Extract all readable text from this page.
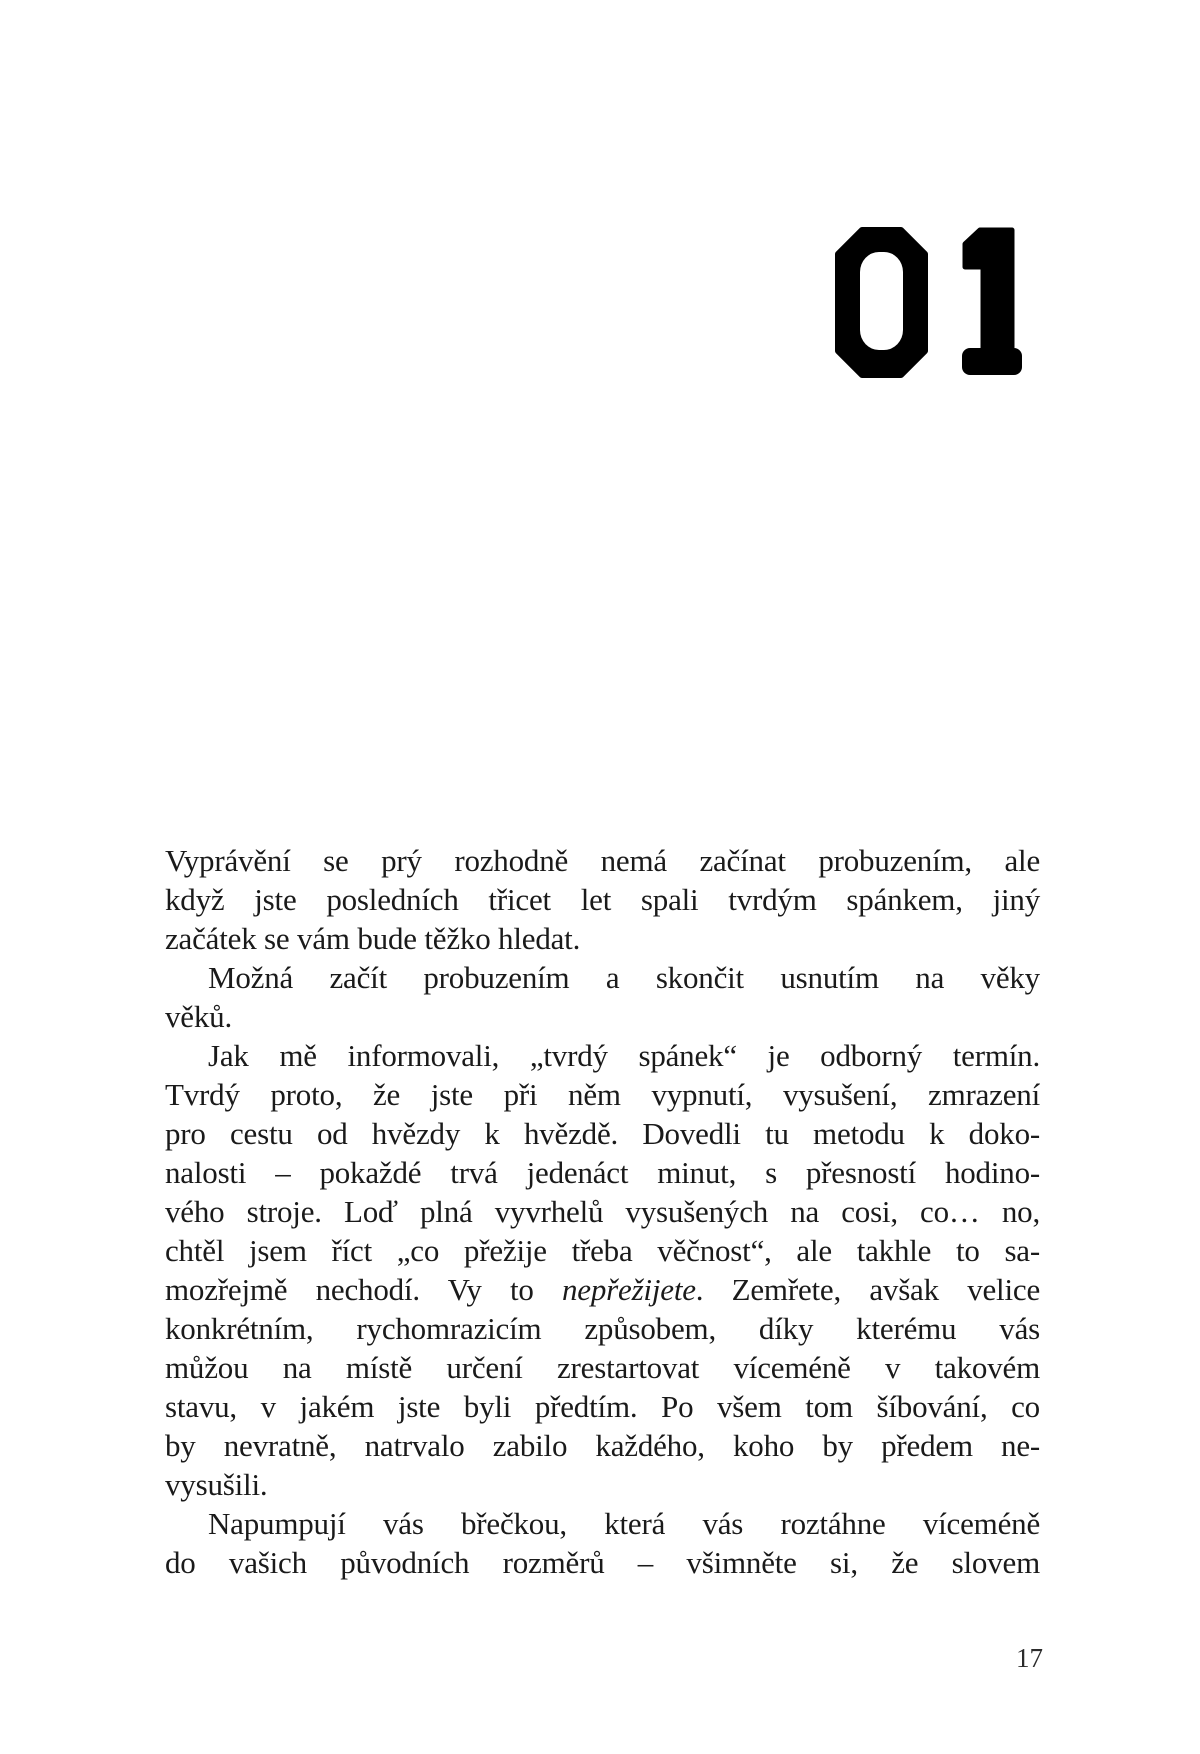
Vyprávění se prý rozhodně nemá začínat probuzením, ale
když jste posledních třicet let spali tvrdým spánkem, jiný
začátek se vám bude těžko hledat.
Možná začít probuzením a skončit usnutím na věky
věků.
Jak mě informovali, „tvrdý spánek“ je odborný termín.
Tvrdý proto, že jste při něm vypnutí, vysušení, zmrazení
pro cestu od hvězdy k hvězdě. Dovedli tu metodu k doko-
nalosti – pokaždé trvá jedenáct minut, s přesností hodino-
vého stroje. Loď plná vyvrhelů vysušených na cosi, co… no,
chtěl jsem říct „co přežije třeba věčnost“, ale takhle to sa-
mozřejmě nechodí. Vy to nepřežijete. Zemřete, avšak velice
konkrétním, rychomrazicím způsobem, díky kterému vás
můžou na místě určení zrestartovat víceméně v takovém
stavu, v jakém jste byli předtím. Po všem tom šíbování, co
by nevratně, natrvalo zabilo každého, koho by předem ne-
vysušili.
Napumpují vás břečkou, která vás roztáhne víceméně
do vašich původních rozměrů – všimněte si, že slovem
17
